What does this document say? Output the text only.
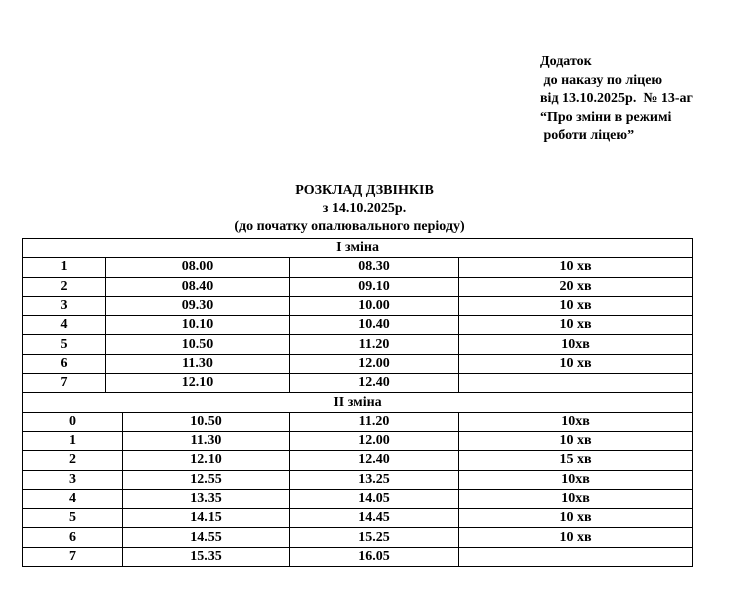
Додаток
до наказу по ліцею
від 13.10.2025р.  № 13-аг
“Про зміни в режимі
роботи ліцею”
РОЗКЛАД ДЗВІНКІВ
з 14.10.2025р.
(до початку опалювального періоду)
І зміна				
1	08.00		08.30	10 хв
2	08.40		09.10	20 хв
3	09.30		10.00	10 хв
4	10.10		10.40	10 хв
5	10.50		11.20	10хв
6	11.30		12.00	10 хв
7	12.10		12.40	
ІІ зміна				
0		10.50	11.20	10хв
1		11.30	12.00	10 хв
2		12.10	12.40	15 хв
3		12.55	13.25	10хв
4		13.35	14.05	10хв
5		14.15	14.45	10 хв
6		14.55	15.25	10 хв
7		15.35	16.05	
